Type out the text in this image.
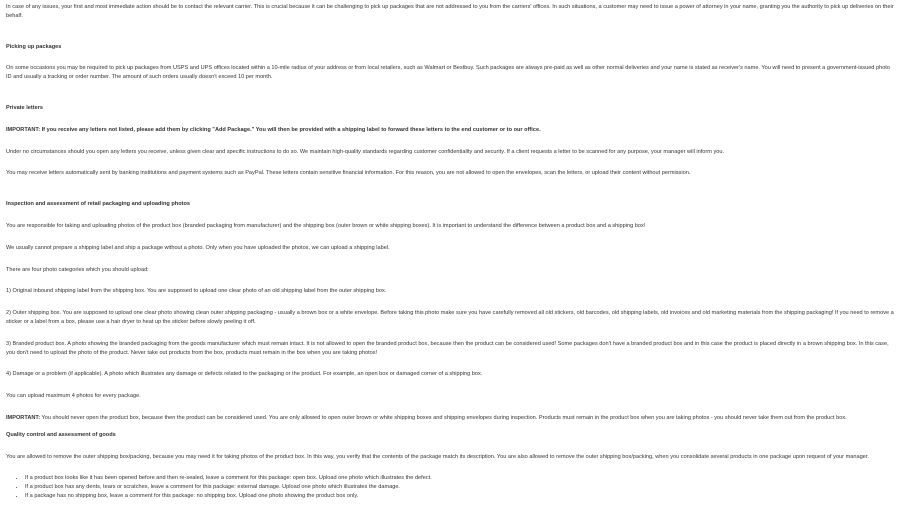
In case of any issues, your first and most immediate action should be to contact the relevant carrier. This is crucial because it can be challenging to pick up packages that are not addressed to you from the carriers' offices. In such situations, a customer may need to issue a power of attorney in your name, granting you the authority to pick up deliveries on their behalf.

Picking up packages

On some occasions you may be required to pick up packages from USPS and UPS offices located within a 10-mile radius of your address or from local retailers, such as Walmart or Bestbuy. Such packages are always pre-paid as well as other normal deliveries and your name is stated as receiver's name. You will need to present a government-issued photo ID and usually a tracking or order number. The amount of such orders usually doesn't exceed 10 per month.

Private letters

IMPORTANT: If you receive any letters not listed, please add them by clicking "Add Package." You will then be provided with a shipping label to forward these letters to the end customer or to our office.

Under no circumstances should you open any letters you receive, unless given clear and specific instructions to do so. We maintain high-quality standards regarding customer confidentiality and security. If a client requests a letter to be scanned for any purpose, your manager will inform you.

You may receive letters automatically sent by banking institutions and payment systems such as PayPal. These letters contain sensitive financial information. For this reason, you are not allowed to open the envelopes, scan the letters, or upload their content without permission.

Inspection and assessment of retail packaging and uploading photos

You are responsible for taking and uploading photos of the product box (branded packaging from manufacturer) and the shipping box (outer brown or white shipping boxes). It is important to understand the difference between a product box and a shipping box!

We usually cannot prepare a shipping label and ship a package without a photo. Only when you have uploaded the photos, we can upload a shipping label.

There are four photo categories which you should upload:

1) Original inbound shipping label from the shipping box. You are supposed to upload one clear photo of an old shipping label from the outer shipping box.

2) Outer shipping box. You are supposed to upload one clear photo showing clean outer shipping packaging - usually a brown box or a white envelope. Before taking this photo make sure you have carefully removed all old stickers, old barcodes, old shipping labels, old invoices and old marketing materials from the shipping packaging! If you need to remove a sticker or a label from a box, please use a hair dryer to heat up the sticker before slowly peeling it off.

3) Branded product box. A photo showing the branded packaging from the goods manufacturer which must remain intact. It is not allowed to open the branded product box, because then the product can be considered used! Some packages don't have a branded product box and in this case the product is placed directly in a brown shipping box. In this case, you don't need to upload the photo of the product. Never take out products from the box, products must remain in the box when you are taking photos!

4) Damage or a problem (if applicable). A photo which illustrates any damage or defects related to the packaging or the product. For example, an open box or damaged corner of a shipping box.

You can upload maximum 4 photos for every package.

IMPORTANT: You should never open the product box, because then the product can be considered used. You are only allowed to open outer brown or white shipping boxes and shipping envelopes during inspection. Products must remain in the product box when you are taking photos - you should never take them out from the product box.

Quality control and assessment of goods

You are allowed to remove the outer shipping box/packing, because you may need it for taking photos of the product box. In this way, you verify that the contents of the package match its description. You are also allowed to remove the outer shipping box/packing, when you consolidate several products in one package upon request of your manager.

• If a product box looks like it has been opened before and then re-sealed, leave a comment for this package: open box. Upload one photo which illustrates the defect.
• If a product box has any dents, tears or scratches, leave a comment for this package: external damage. Upload one photo which illustrates the damage.
• If a package has no shipping box, leave a comment for this package: no shipping box. Upload one photo showing the product box only.
